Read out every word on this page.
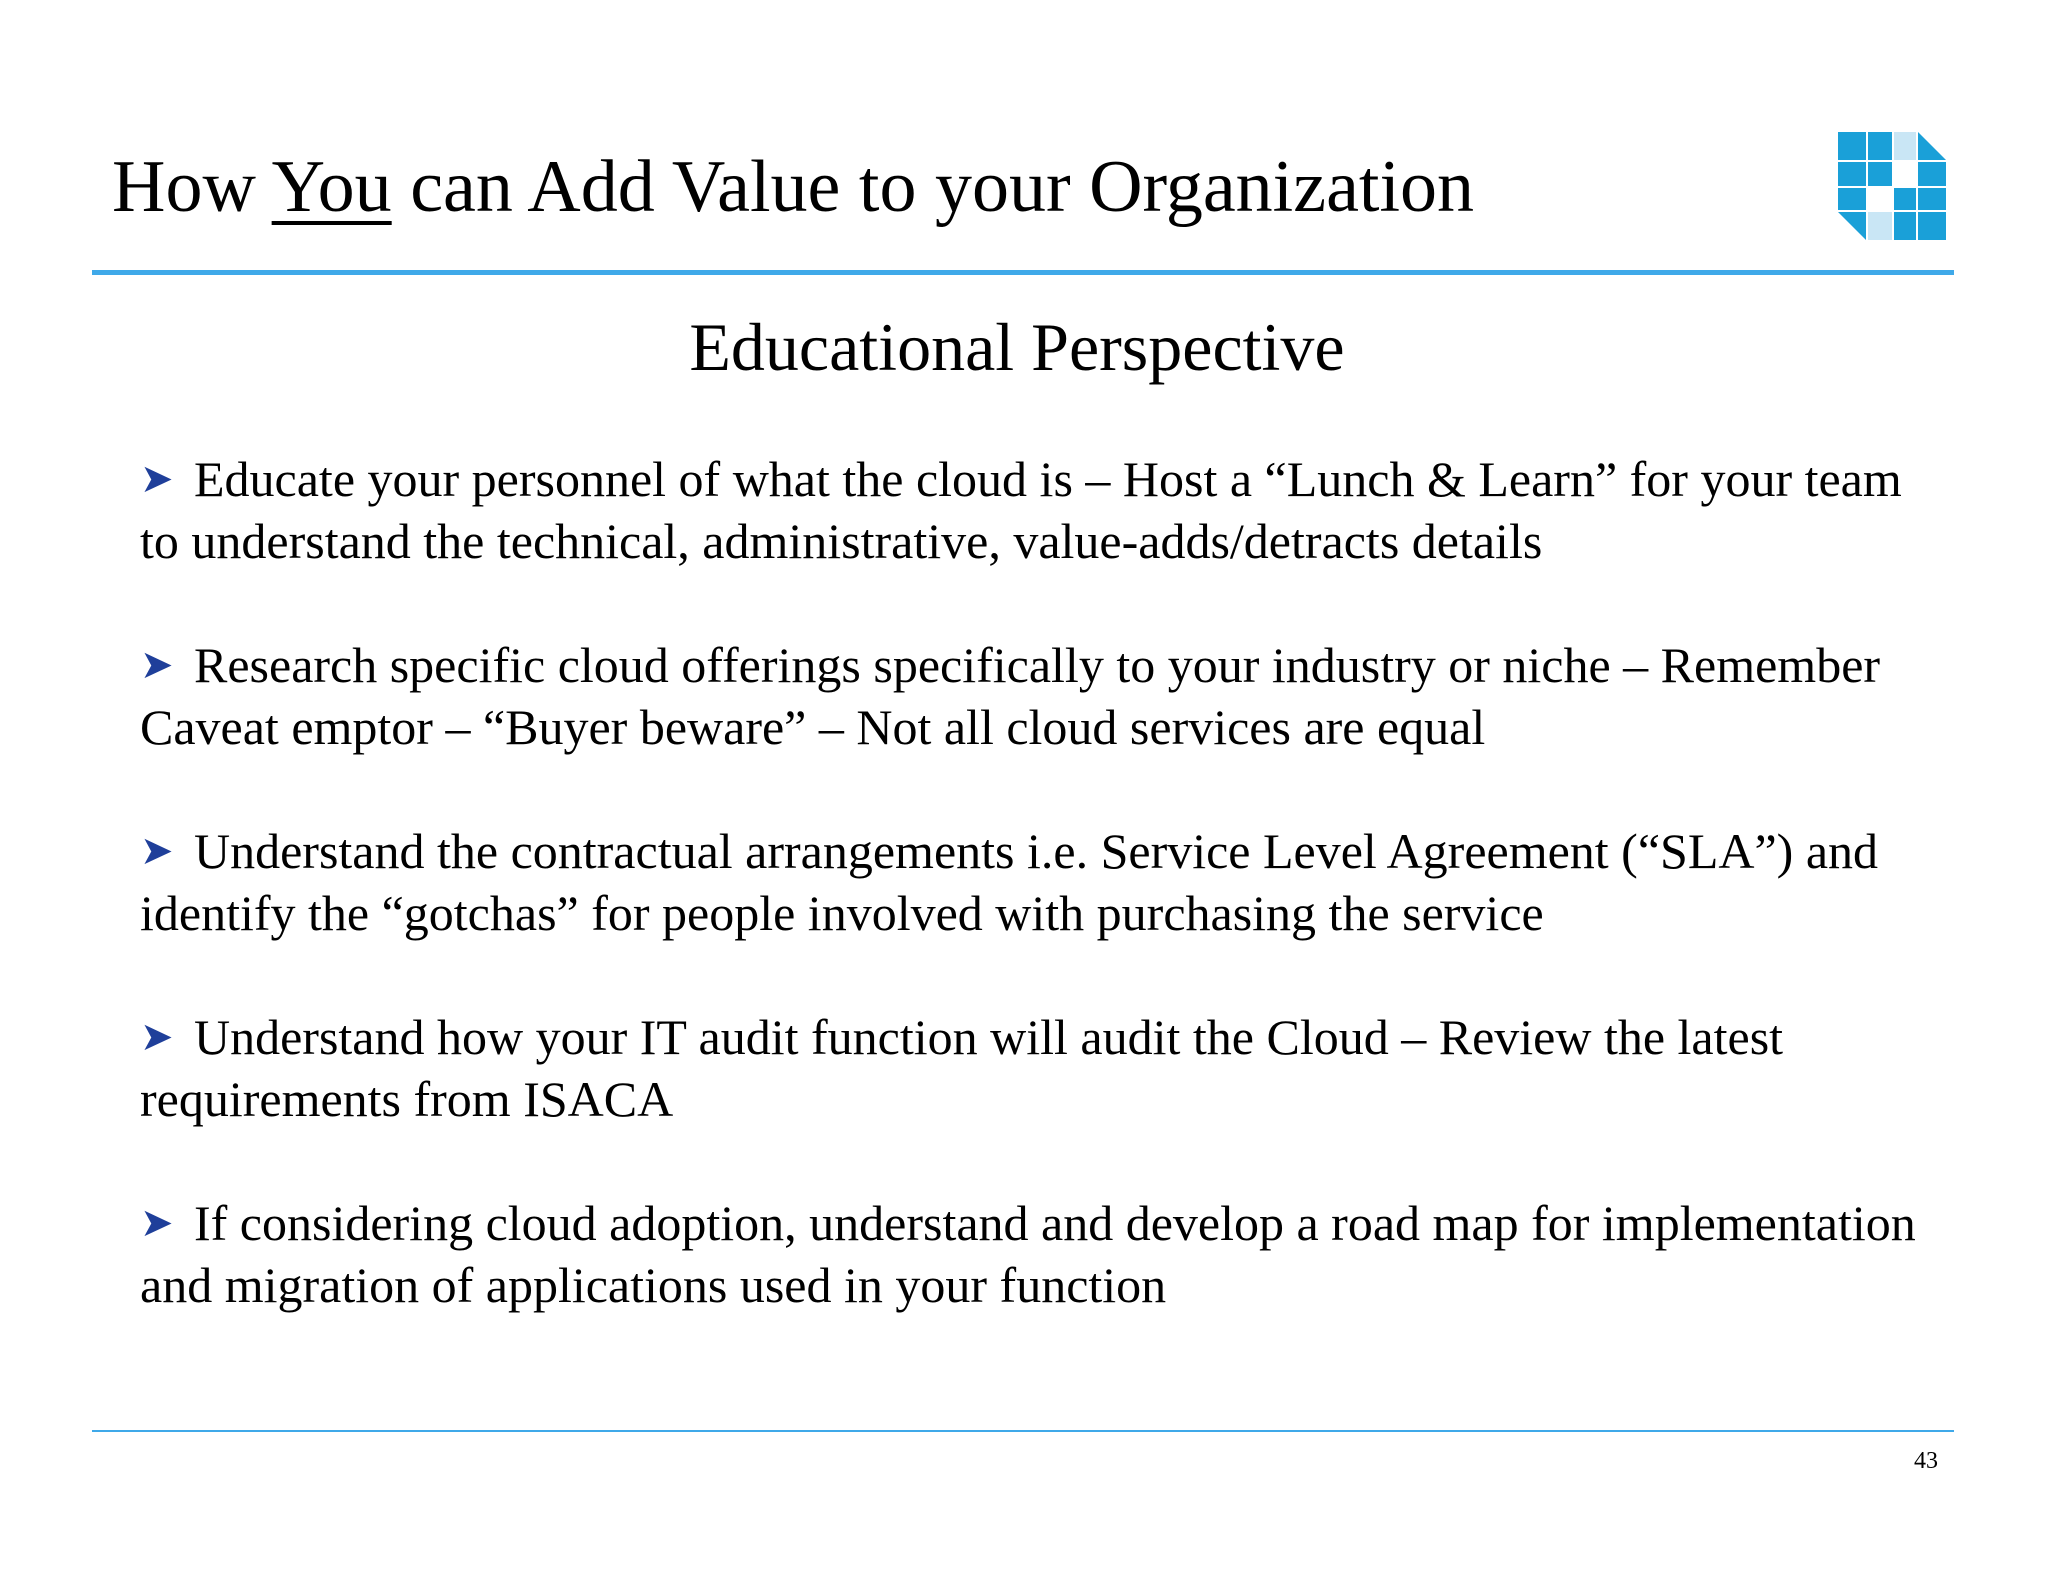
How You can Add Value to your Organization
Educational Perspective
➤ Educate your personnel of what the cloud is – Host a “Lunch & Learn” for your team to understand the technical, administrative, value-adds/detracts details
➤ Research specific cloud offerings specifically to your industry or niche – Remember Caveat emptor – “Buyer beware” – Not all cloud services are equal
➤ Understand the contractual arrangements i.e. Service Level Agreement (“SLA”) and identify the “gotchas” for people involved with purchasing the service
➤ Understand how your IT audit function will audit the Cloud – Review the latest requirements from ISACA
➤ If considering cloud adoption, understand and develop a road map for implementation and migration of applications used in your function
43
